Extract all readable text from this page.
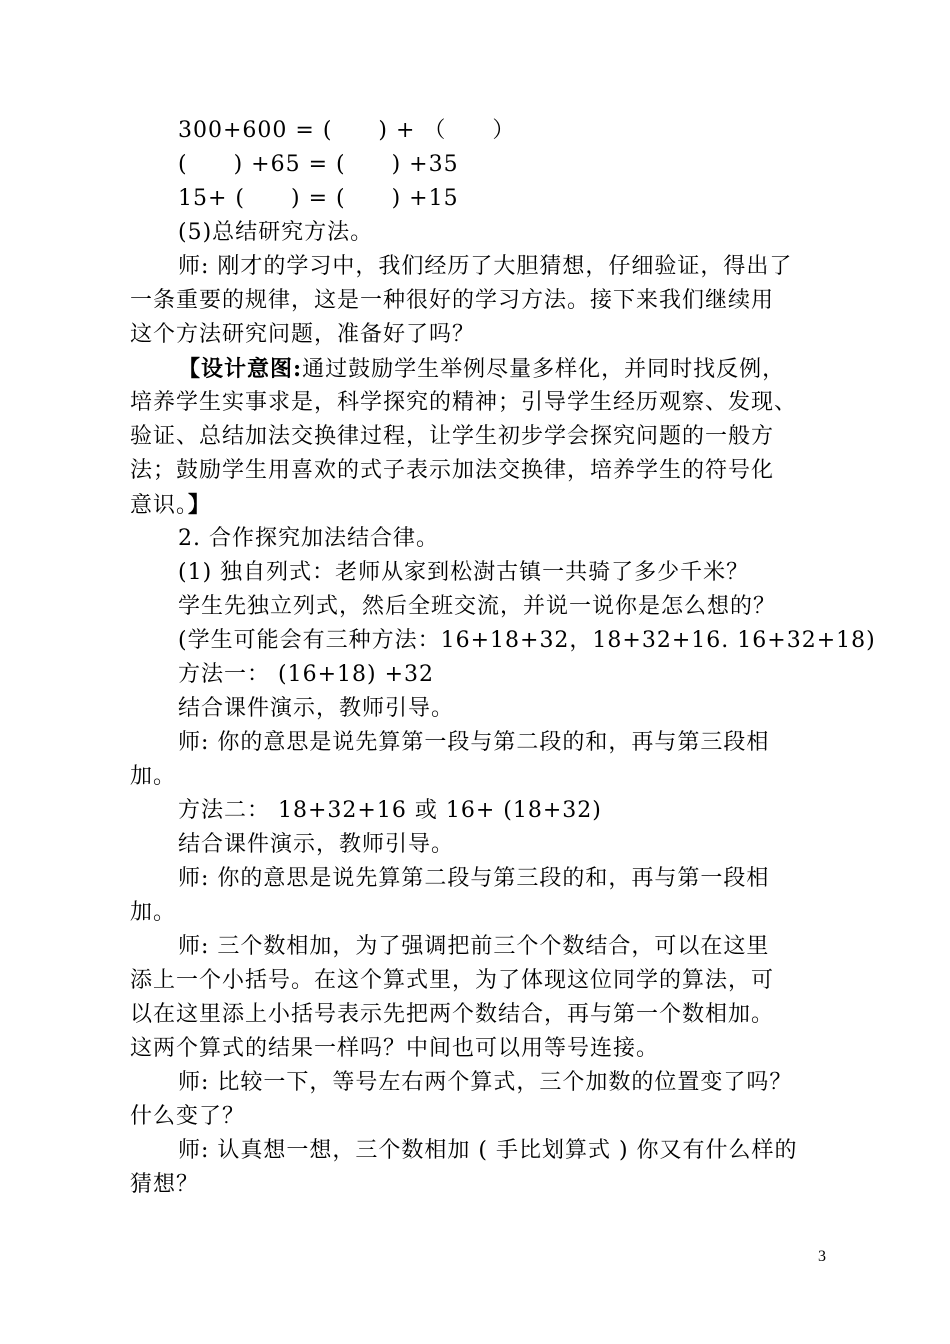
300+600 = (　　) + （　　）
(　　) +65 = (　　) +35
15+ (　　) = (　　) +15
(5)总结研究方法。
师: 刚才的学习中，我们经历了大胆猜想，仔细验证，得出了
一条重要的规律，这是一种很好的学习方法。接下来我们继续用
这个方法研究问题，准备好了吗？
【设计意图:通过鼓励学生举例尽量多样化，并同时找反例，
培养学生实事求是，科学探究的精神；引导学生经历观察、发现、
验证、总结加法交换律过程，让学生初步学会探究问题的一般方
法；鼓励学生用喜欢的式子表示加法交换律，培养学生的符号化
意识。】
2. 合作探究加法结合律。
(1) 独自列式：老师从家到松澍古镇一共骑了多少千米？
学生先独立列式，然后全班交流，并说一说你是怎么想的？
(学生可能会有三种方法：16+18+32，18+32+16. 16+32+18)
方法一： (16+18) +32
结合课件演示，教师引导。
师: 你的意思是说先算第一段与第二段的和，再与第三段相
加。
方法二： 18+32+16 或 16+ (18+32)
结合课件演示，教师引导。
师: 你的意思是说先算第二段与第三段的和，再与第一段相
加。
师: 三个数相加，为了强调把前三个个数结合，可以在这里
添上一个小括号。在这个算式里，为了体现这位同学的算法，可
以在这里添上小括号表示先把两个数结合，再与第一个数相加。
这两个算式的结果一样吗？中间也可以用等号连接。
师: 比较一下，等号左右两个算式，三个加数的位置变了吗？
什么变了？
师: 认真想一想，三个数相加 ( 手比划算式 ) 你又有什么样的
猜想？
3
